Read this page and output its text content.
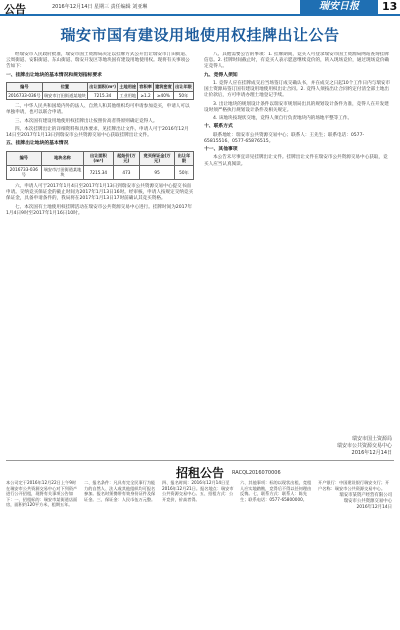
公告	2016年12月14日 星期三 责任编辑 刘亚琳	瑞安日报	13
瑞安市国有建设用地使用权挂牌出让公告

经瑞安市人民政府批准，瑞安市国土资源局决定以挂牌方式公开出让瑞安市汀田街道、云周街道、安阳街道、东山街道、瑞安开发区等地块国有建设用地使用权。现将有关事项公告如下：

一、挂牌出让地块的基本情况和规划指标要求

编号	位置	出让面积(m²)	土地用途	容积率	建筑密度	出让年限
2016733-036号	瑞安市汀田街道某地块	7215.34	工业用地	≥1.2	≥40%	50年

二、中华人民共和国境内外的法人、自然人和其他组织均可申请参加竞买，申请人可以单独申请，也可以联合申请。

三、本次国有建设用地使用权挂牌出让按照价高者得原则确定竞得人。

四、本次挂牌出让的详细资料和具体要求，见挂牌出让文件。申请人可于2016年12月14日至2017年1月13日到瑞安市公共资源交易中心获取挂牌出让文件。

五、挂牌出让地块的基本情况

编号	地块名称	出让面积(m²)	起始价(万元)	竞买保证金(万元)	出让年限
2016733-036号	瑞安市汀田街道某地块	7215.34	473	95	50年

六、申请人可于2017年1月4日至2017年1月13日到瑞安市公共资源交易中心提交书面申请。交纳竞买保证金的截止时间为2017年1月13日16时。经审核，申请人按规定交纳竞买保证金，具备申请条件的，我局将在2017年1月13日17时前确认其竞买资格。

七、本次国有土地使用权挂牌活动在瑞安市公共资源交易中心进行。挂牌时间为2017年1月4日9时至2017年1月16日10时。

八、其他需要公告的事项：1. 挂牌期间，竞买人可登录瑞安市国土资源局网站查询挂牌信息。2. 挂牌时间截止时，有竞买人表示愿意继续竞价的，转入现场竞价，通过现场竞价确定竞得人。

九、竞得人须知

1. 竞得人应在挂牌成交后当场签订成交确认书，并在成交之日起10个工作日内与瑞安市国土资源局签订国有建设用地使用权出让合同。2. 竞得人须按出让合同约定付清全部土地出让价款后，方可申请办理土地登记手续。

3. 出让地块的规划设计条件以瑞安市规划局出具的规划设计条件为准，竞得人在开发建设时须严格执行规划设计条件及相关规定。

4. 该地块按现状交地，竞得人须自行负责地块内的场地平整等工作。

十、联系方式

联系地址：瑞安市公共资源交易中心；联系人：王先生；联系电话：0577-65815516、0577-65876515。

十一、其他事项

本公告未尽事宜详见挂牌出让文件。挂牌出让文件在瑞安市公共资源交易中心获取，竞买人应当认真阅读。

瑞安市国土资源局
瑞安市公共资源交易中心
2016年12月14日
招租公告	RACQL2016070006

本公司定于2016年12月22日上午9时在瑞安市公共资源交易中心对下列资产进行公开招租，现将有关事项公告如下：一、招租标的：瑞安市某街道店面房，面积约120平方米，租期五年。

二、报名条件：凡具有完全民事行为能力的自然人、法人或其他组织均可报名参加。报名时须携带有效身份证件及保证金。三、保证金：人民币伍万元整。

四、报名时间：2016年12月14日至2016年12月21日。报名地点：瑞安市公共资源交易中心。五、招租方式：公开竞价，价高者得。

六、其他事项：标的以现状出租，竞租人应实地踏勘，竞得后不得以任何理由反悔。七、联系方式：联系人：陈先生；联系电话：0577-65800000。

开户银行：中国建设银行瑞安支行；开户名称：瑞安市公共资源交易中心。

瑞安市某资产经营有限公司
瑞安市公共资源交易中心
2016年12月14日
